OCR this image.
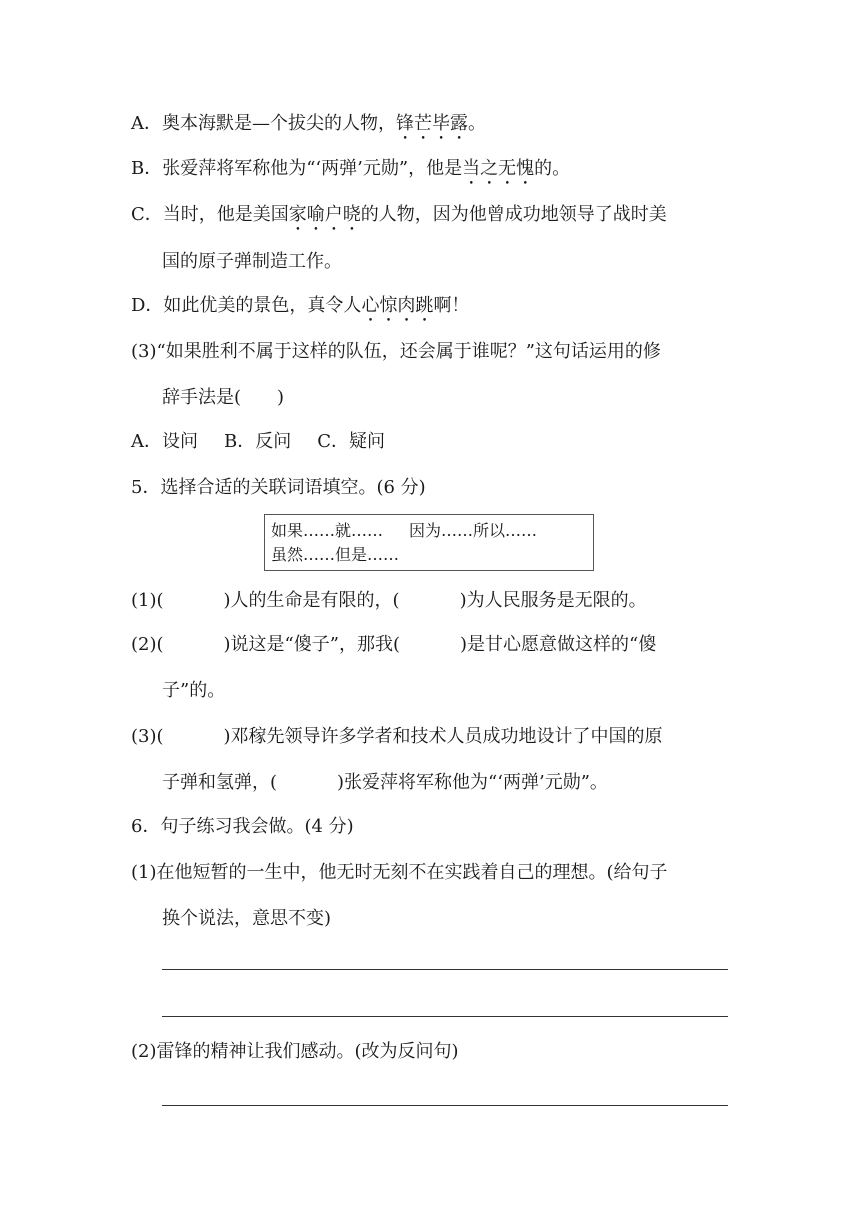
A．奥本海默是—个拔尖的人物，锋芒毕露。
B．张爱萍将军称他为“‘两弹’元勋”，他是当之无愧的。
C．当时，他是美国家喻户晓的人物，因为他曾成功地领导了战时美
国的原子弹制造工作。
D．如此优美的景色，真令人心惊肉跳啊！
(3)“如果胜利不属于这样的队伍，还会属于谁呢？”这句话运用的修
辞手法是(　　)
A．设问 B．反问 C．疑问
5．选择合适的关联词语填空。(6 分)
如果……就…… 因为……所以……
虽然……但是……
(1)(	)人的生命是有限的，(	)为人民服务是无限的。
(2)(	)说这是“傻子”，那我(	)是甘心愿意做这样的“傻
子”的。
(3)(	)邓稼先领导许多学者和技术人员成功地设计了中国的原
子弹和氢弹，(	)张爱萍将军称他为“‘两弹’元勋”。
6．句子练习我会做。(4 分)
(1)在他短暂的一生中，他无时无刻不在实践着自己的理想。(给句子
换个说法，意思不变)
(2)雷锋的精神让我们感动。(改为反问句)
